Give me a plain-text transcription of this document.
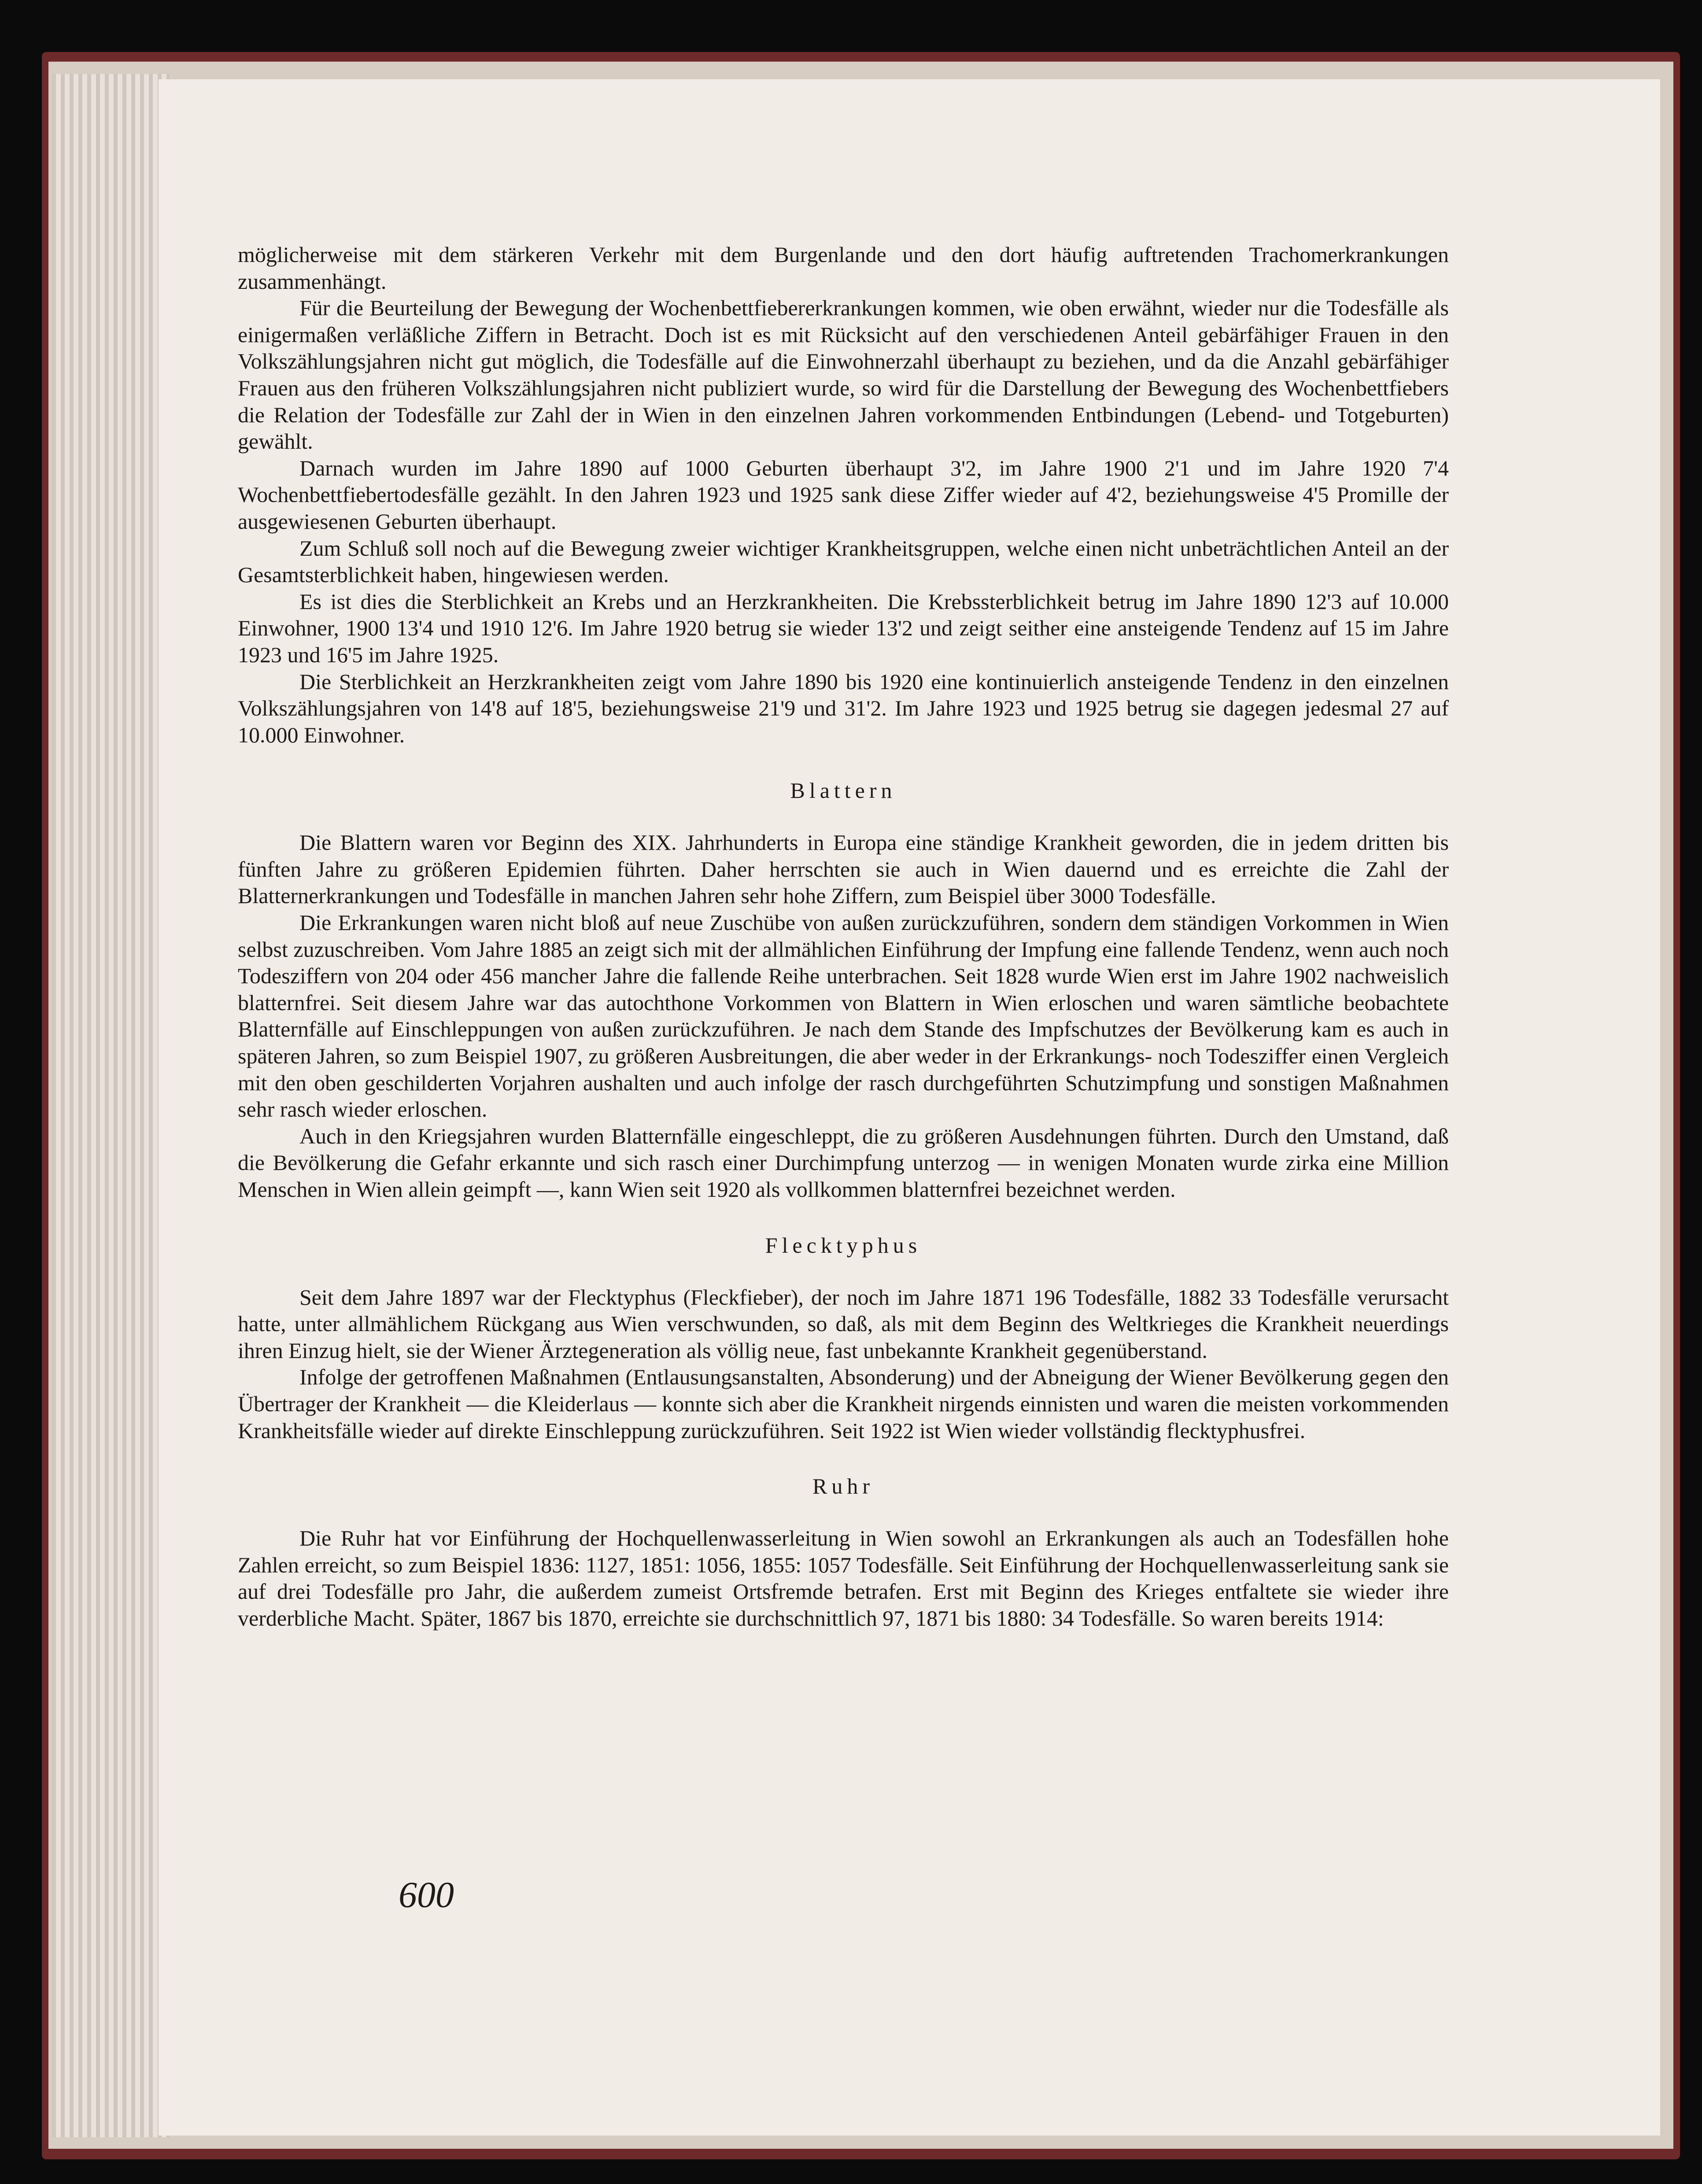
möglicherweise mit dem stärkeren Verkehr mit dem Burgenlande und den dort häufig auftretenden Trachomerkrankungen zusammenhängt.

Für die Beurteilung der Bewegung der Wochenbettfiebererkrankungen kommen, wie oben erwähnt, wieder nur die Todesfälle als einigermaßen verläßliche Ziffern in Betracht. Doch ist es mit Rücksicht auf den verschiedenen Anteil gebärfähiger Frauen in den Volkszählungsjahren nicht gut möglich, die Todesfälle auf die Einwohnerzahl überhaupt zu beziehen, und da die Anzahl gebärfähiger Frauen aus den früheren Volkszählungsjahren nicht publiziert wurde, so wird für die Darstellung der Bewegung des Wochenbettfiebers die Relation der Todesfälle zur Zahl der in Wien in den einzelnen Jahren vorkommenden Entbindungen (Lebend- und Totgeburten) gewählt.

Darnach wurden im Jahre 1890 auf 1000 Geburten überhaupt 3'2, im Jahre 1900 2'1 und im Jahre 1920 7'4 Wochenbettfiebertodesfälle gezählt. In den Jahren 1923 und 1925 sank diese Ziffer wieder auf 4'2, beziehungsweise 4'5 Promille der ausgewiesenen Geburten überhaupt.

Zum Schluß soll noch auf die Bewegung zweier wichtiger Krankheitsgruppen, welche einen nicht unbeträchtlichen Anteil an der Gesamtsterblichkeit haben, hingewiesen werden.

Es ist dies die Sterblichkeit an Krebs und an Herzkrankheiten. Die Krebssterblichkeit betrug im Jahre 1890 12'3 auf 10.000 Einwohner, 1900 13'4 und 1910 12'6. Im Jahre 1920 betrug sie wieder 13'2 und zeigt seither eine ansteigende Tendenz auf 15 im Jahre 1923 und 16'5 im Jahre 1925.

Die Sterblichkeit an Herzkrankheiten zeigt vom Jahre 1890 bis 1920 eine kontinuierlich ansteigende Tendenz in den einzelnen Volkszählungsjahren von 14'8 auf 18'5, beziehungsweise 21'9 und 31'2. Im Jahre 1923 und 1925 betrug sie dagegen jedesmal 27 auf 10.000 Einwohner.

Blattern

Die Blattern waren vor Beginn des XIX. Jahrhunderts in Europa eine ständige Krankheit geworden, die in jedem dritten bis fünften Jahre zu größeren Epidemien führten. Daher herrschten sie auch in Wien dauernd und es erreichte die Zahl der Blatternerkrankungen und Todesfälle in manchen Jahren sehr hohe Ziffern, zum Beispiel über 3000 Todesfälle.

Die Erkrankungen waren nicht bloß auf neue Zuschübe von außen zurückzuführen, sondern dem ständigen Vorkommen in Wien selbst zuzuschreiben. Vom Jahre 1885 an zeigt sich mit der allmählichen Einführung der Impfung eine fallende Tendenz, wenn auch noch Todesziffern von 204 oder 456 mancher Jahre die fallende Reihe unterbrachen. Seit 1828 wurde Wien erst im Jahre 1902 nachweislich blatternfrei. Seit diesem Jahre war das autochthone Vorkommen von Blattern in Wien erloschen und waren sämtliche beobachtete Blatternfälle auf Einschleppungen von außen zurückzuführen. Je nach dem Stande des Impfschutzes der Bevölkerung kam es auch in späteren Jahren, so zum Beispiel 1907, zu größeren Ausbreitungen, die aber weder in der Erkrankungs- noch Todesziffer einen Vergleich mit den oben geschilderten Vorjahren aushalten und auch infolge der rasch durchgeführten Schutzimpfung und sonstigen Maßnahmen sehr rasch wieder erloschen.

Auch in den Kriegsjahren wurden Blatternfälle eingeschleppt, die zu größeren Ausdehnungen führten. Durch den Umstand, daß die Bevölkerung die Gefahr erkannte und sich rasch einer Durchimpfung unterzog — in wenigen Monaten wurde zirka eine Million Menschen in Wien allein geimpft —, kann Wien seit 1920 als vollkommen blatternfrei bezeichnet werden.

Flecktyphus

Seit dem Jahre 1897 war der Flecktyphus (Fleckfieber), der noch im Jahre 1871 196 Todesfälle, 1882 33 Todesfälle verursacht hatte, unter allmählichem Rückgang aus Wien verschwunden, so daß, als mit dem Beginn des Weltkrieges die Krankheit neuerdings ihren Einzug hielt, sie der Wiener Ärztegeneration als völlig neue, fast unbekannte Krankheit gegenüberstand.

Infolge der getroffenen Maßnahmen (Entlausungsanstalten, Absonderung) und der Abneigung der Wiener Bevölkerung gegen den Übertrager der Krankheit — die Kleiderlaus — konnte sich aber die Krankheit nirgends einnisten und waren die meisten vorkommenden Krankheitsfälle wieder auf direkte Einschleppung zurückzuführen. Seit 1922 ist Wien wieder vollständig flecktyphusfrei.

Ruhr

Die Ruhr hat vor Einführung der Hochquellenwasserleitung in Wien sowohl an Erkrankungen als auch an Todesfällen hohe Zahlen erreicht, so zum Beispiel 1836: 1127, 1851: 1056, 1855: 1057 Todesfälle. Seit Einführung der Hochquellenwasserleitung sank sie auf drei Todesfälle pro Jahr, die außerdem zumeist Ortsfremde betrafen. Erst mit Beginn des Krieges entfaltete sie wieder ihre verderbliche Macht. Später, 1867 bis 1870, erreichte sie durchschnittlich 97, 1871 bis 1880: 34 Todesfälle. So waren bereits 1914:

600
